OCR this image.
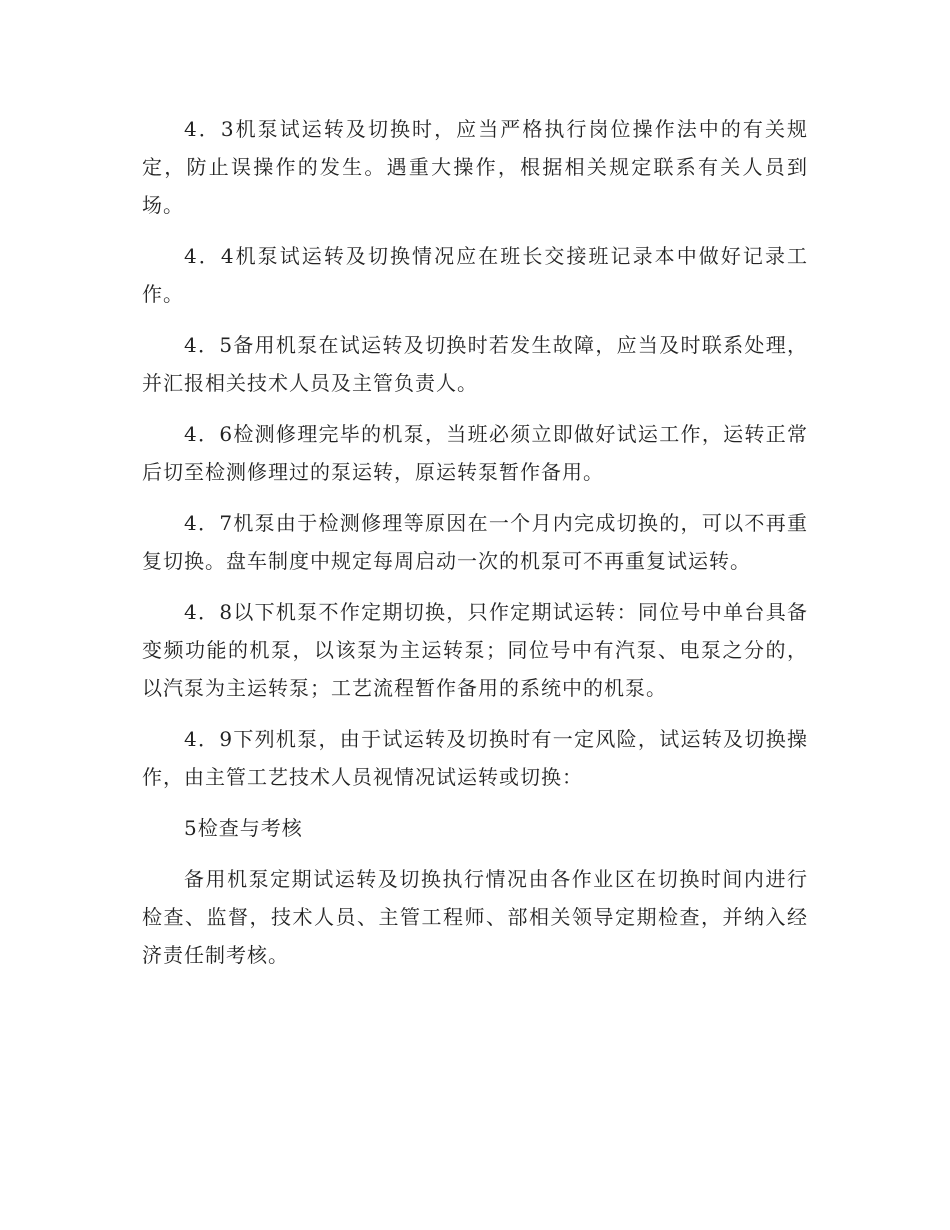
4．3机泵试运转及切换时，应当严格执行岗位操作法中的有关规定，防止误操作的发生。遇重大操作，根据相关规定联系有关人员到场。

4．4机泵试运转及切换情况应在班长交接班记录本中做好记录工作。

4．5备用机泵在试运转及切换时若发生故障，应当及时联系处理，并汇报相关技术人员及主管负责人。

4．6检测修理完毕的机泵，当班必须立即做好试运工作，运转正常后切至检测修理过的泵运转，原运转泵暂作备用。

4．7机泵由于检测修理等原因在一个月内完成切换的，可以不再重复切换。盘车制度中规定每周启动一次的机泵可不再重复试运转。

4．8以下机泵不作定期切换，只作定期试运转：同位号中单台具备变频功能的机泵，以该泵为主运转泵；同位号中有汽泵、电泵之分的，以汽泵为主运转泵；工艺流程暂作备用的系统中的机泵。

4．9下列机泵，由于试运转及切换时有一定风险，试运转及切换操作，由主管工艺技术人员视情况试运转或切换：

5检查与考核

备用机泵定期试运转及切换执行情况由各作业区在切换时间内进行检查、监督，技术人员、主管工程师、部相关领导定期检查，并纳入经济责任制考核。
